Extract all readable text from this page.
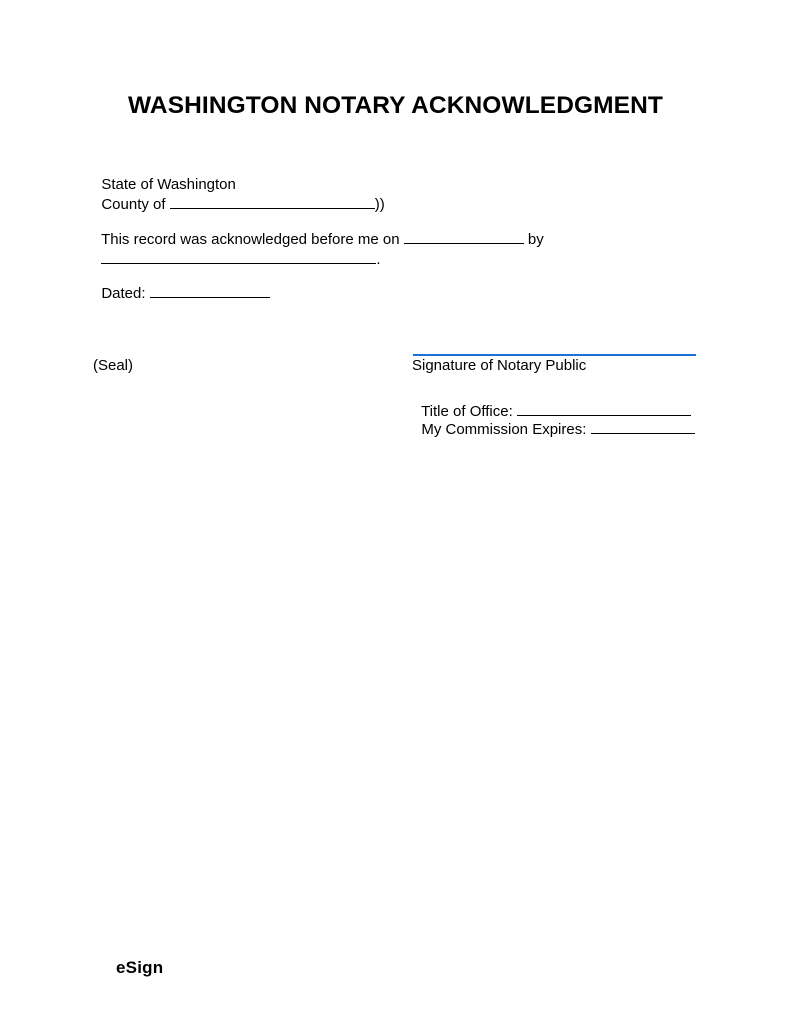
WASHINGTON NOTARY ACKNOWLEDGMENT

State of Washington

County of	))

This record was acknowledged before me on	by

.

Dated:

(Seal)	Signature of Notary Public

Title of Office:

My Commission Expires:

eSign
